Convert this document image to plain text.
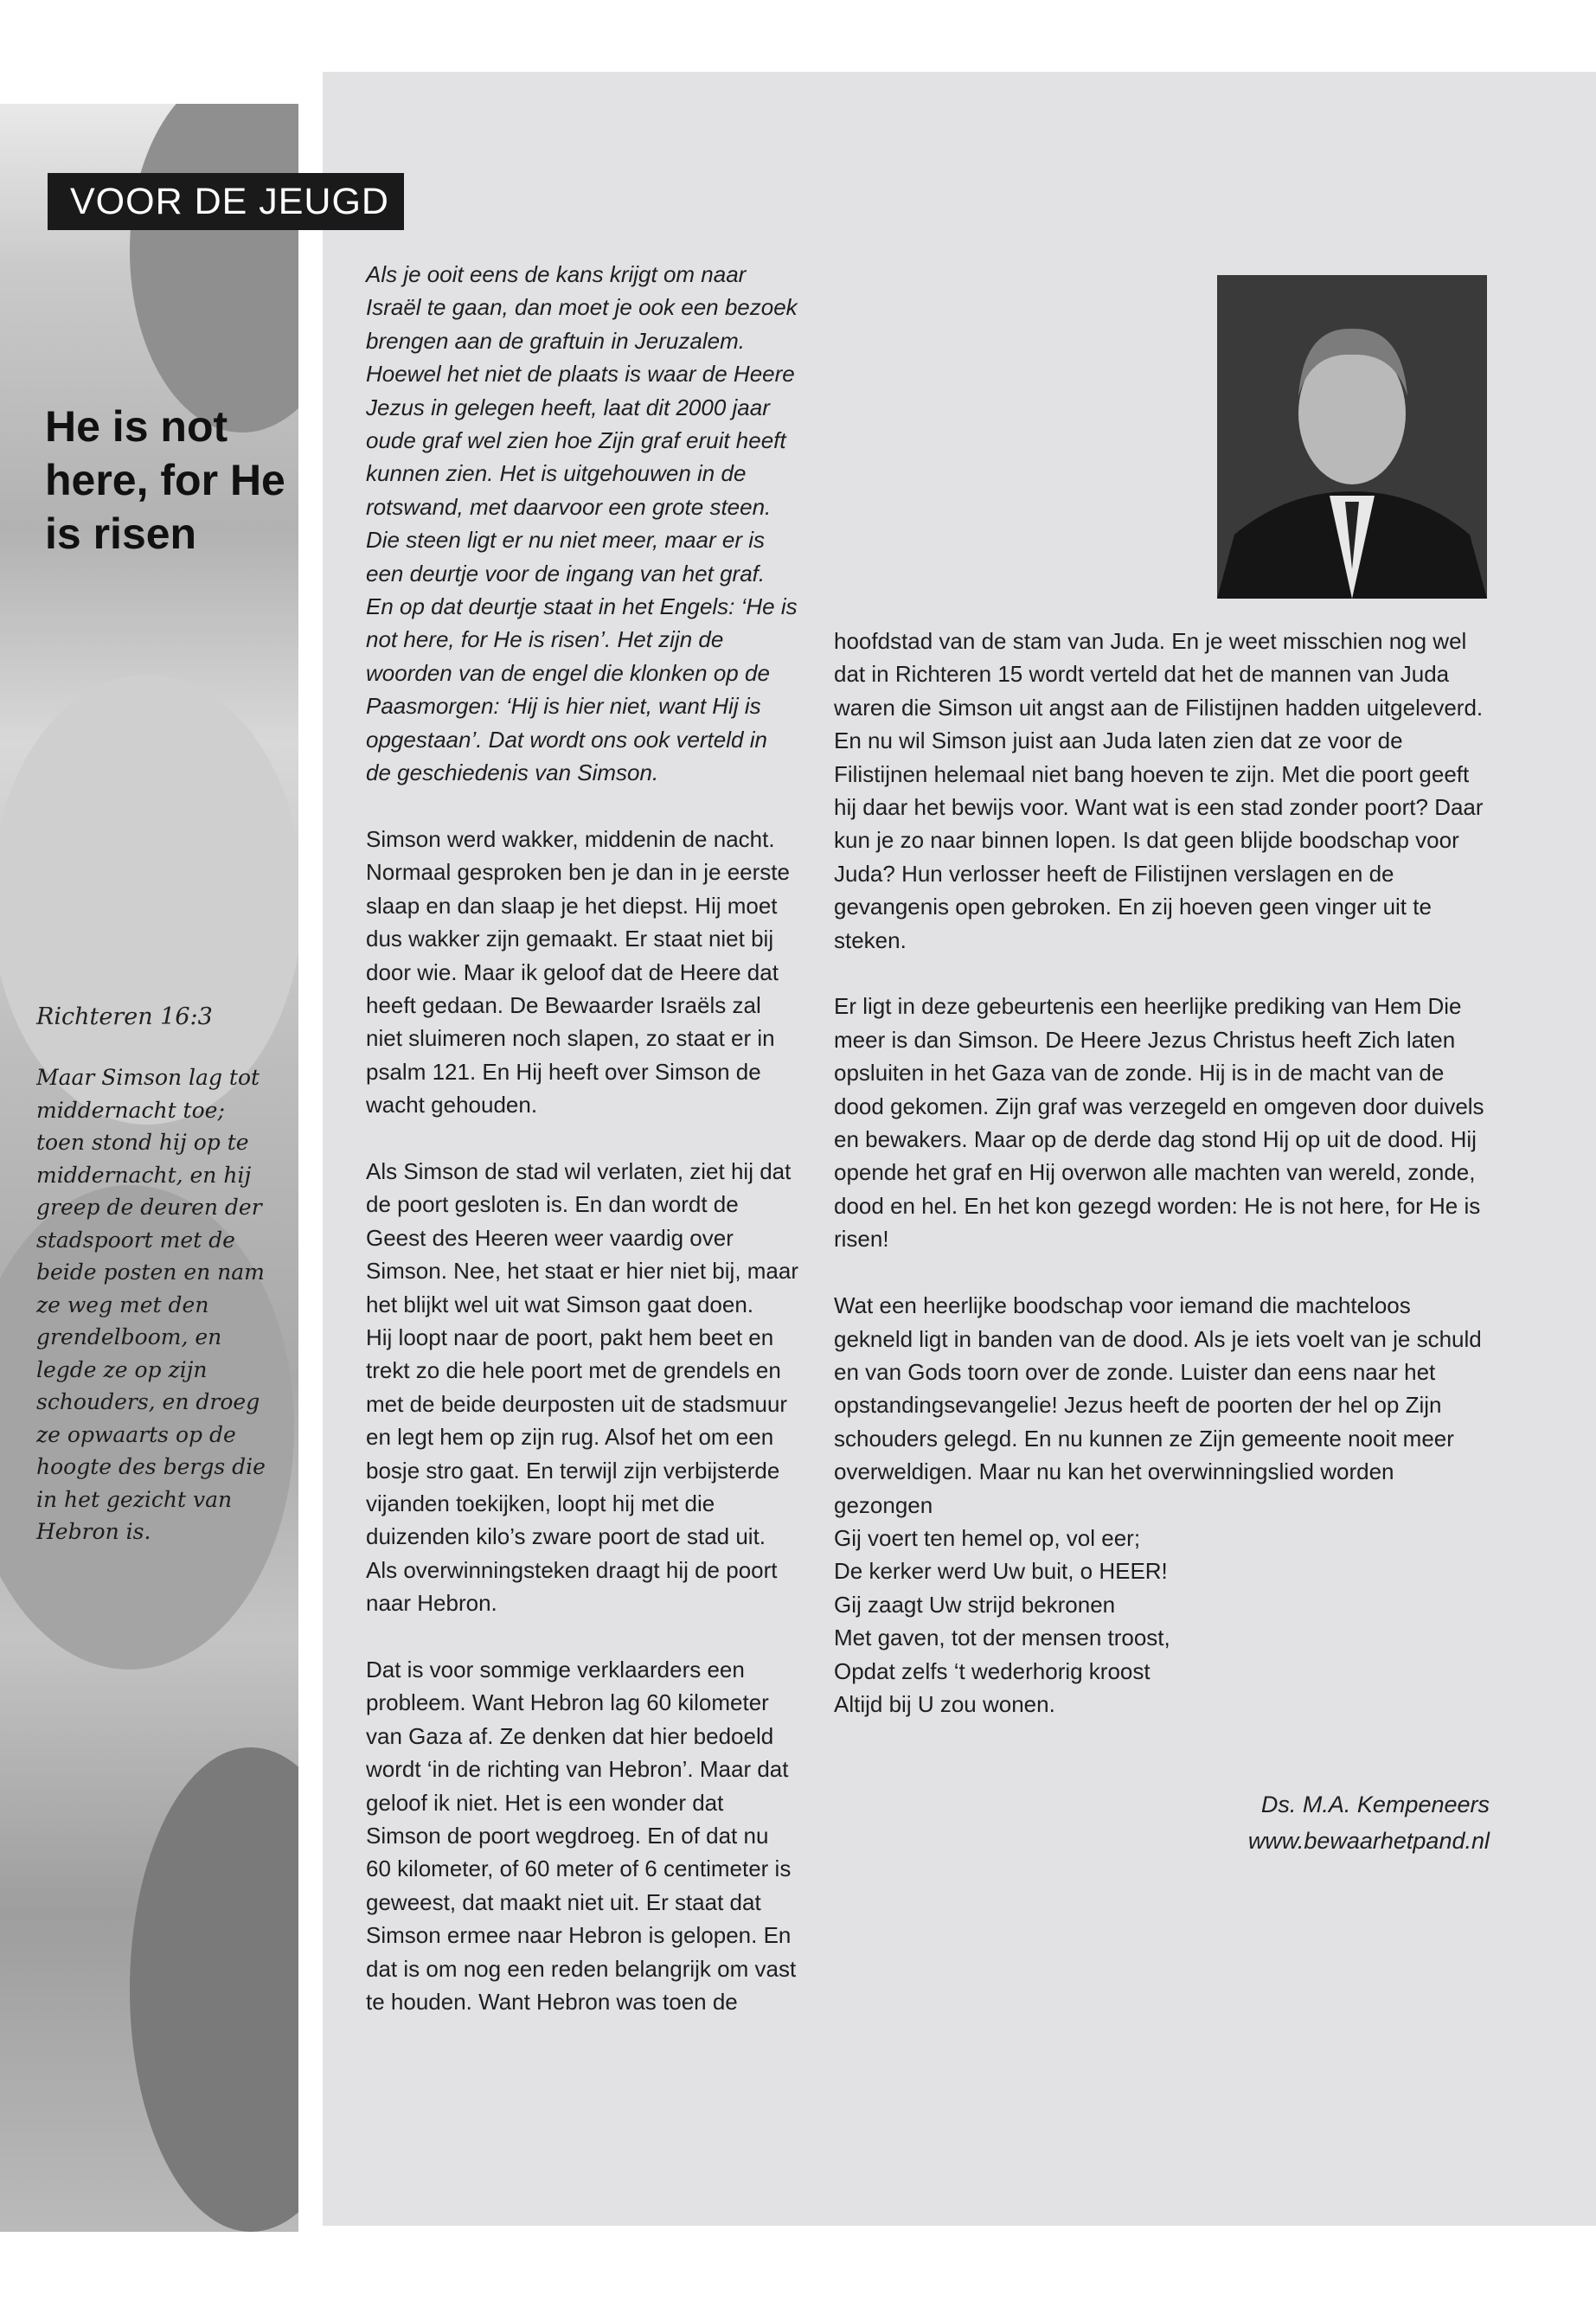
VOOR DE JEUGD
He is not here, for He is risen
Richteren 16:3
Maar Simson lag tot middernacht toe; toen stond hij op te middernacht, en hij greep de deuren der stadspoort met de beide posten en nam ze weg met den grendelboom, en legde ze op zijn schouders, en droeg ze opwaarts op de hoogte des bergs die in het gezicht van Hebron is.

Als je ooit eens de kans krijgt om naar Israël te gaan, dan moet je ook een bezoek brengen aan de graftuin in Jeruzalem. Hoewel het niet de plaats is waar de Heere Jezus in gelegen heeft, laat dit 2000 jaar oude graf wel zien hoe Zijn graf eruit heeft kunnen zien. Het is uitgehouwen in de rotswand, met daarvoor een grote steen. Die steen ligt er nu niet meer, maar er is een deurtje voor de ingang van het graf. En op dat deurtje staat in het Engels: ‘He is not here, for He is risen’. Het zijn de woorden van de engel die klonken op de Paasmorgen: ‘Hij is hier niet, want Hij is opgestaan’. Dat wordt ons ook verteld in de geschiedenis van Simson.

Simson werd wakker, middenin de nacht. Normaal gesproken ben je dan in je eerste slaap en dan slaap je het diepst. Hij moet dus wakker zijn gemaakt. Er staat niet bij door wie. Maar ik geloof dat de Heere dat heeft gedaan. De Bewaarder Israëls zal niet sluimeren noch slapen, zo staat er in psalm 121. En Hij heeft over Simson de wacht gehouden.

Als Simson de stad wil verlaten, ziet hij dat de poort gesloten is. En dan wordt de Geest des Heeren weer vaardig over Simson. Nee, het staat er hier niet bij, maar het blijkt wel uit wat Simson gaat doen.

Hij loopt naar de poort, pakt hem beet en trekt zo die hele poort met de grendels en met de beide deurposten uit de stadsmuur en legt hem op zijn rug. Alsof het om een bosje stro gaat. En terwijl zijn verbijsterde vijanden toekijken, loopt hij met die duizenden kilo’s zware poort de stad uit. Als overwinningsteken draagt hij de poort naar Hebron.

Dat is voor sommige verklaarders een probleem. Want Hebron lag 60 kilometer van Gaza af. Ze denken dat hier bedoeld wordt ‘in de richting van Hebron’. Maar dat geloof ik niet. Het is een wonder dat Simson de poort wegdroeg. En of dat nu 60 kilometer, of 60 meter of 6 centimeter is geweest, dat maakt niet uit. Er staat dat Simson ermee naar Hebron is gelopen. En dat is om nog een reden belangrijk om vast te houden. Want Hebron was toen de

hoofdstad van de stam van Juda. En je weet misschien nog wel dat in Richteren 15 wordt verteld dat het de mannen van Juda waren die Simson uit angst aan de Filistijnen hadden uitgeleverd. En nu wil Simson juist aan Juda laten zien dat ze voor de Filistijnen helemaal niet bang hoeven te zijn. Met die poort geeft hij daar het bewijs voor. Want wat is een stad zonder poort? Daar kun je zo naar binnen lopen. Is dat geen blijde boodschap voor Juda? Hun verlosser heeft de Filistijnen verslagen en de gevangenis open gebroken. En zij hoeven geen vinger uit te steken.

Er ligt in deze gebeurtenis een heerlijke prediking van Hem Die meer is dan Simson. De Heere Jezus Christus heeft Zich laten opsluiten in het Gaza van de zonde. Hij is in de macht van de dood gekomen. Zijn graf was verzegeld en omgeven door duivels en bewakers. Maar op de derde dag stond Hij op uit de dood. Hij opende het graf en Hij overwon alle machten van wereld, zonde, dood en hel. En het kon gezegd worden: He is not here, for He is risen!

Wat een heerlijke boodschap voor iemand die machteloos gekneld ligt in banden van de dood. Als je iets voelt van je schuld en van Gods toorn over de zonde. Luister dan eens naar het opstandingsevangelie! Jezus heeft de poorten der hel op Zijn schouders gelegd. En nu kunnen ze Zijn gemeente nooit meer overweldigen. Maar nu kan het overwinningslied worden gezongen

Gij voert ten hemel op, vol eer;
De kerker werd Uw buit, o HEER!
Gij zaagt Uw strijd bekronen
Met gaven, tot der mensen troost,
Opdat zelfs ‘t wederhorig kroost
Altijd bij U zou wonen.

Ds. M.A. Kempeneers
www.bewaarhetpand.nl
